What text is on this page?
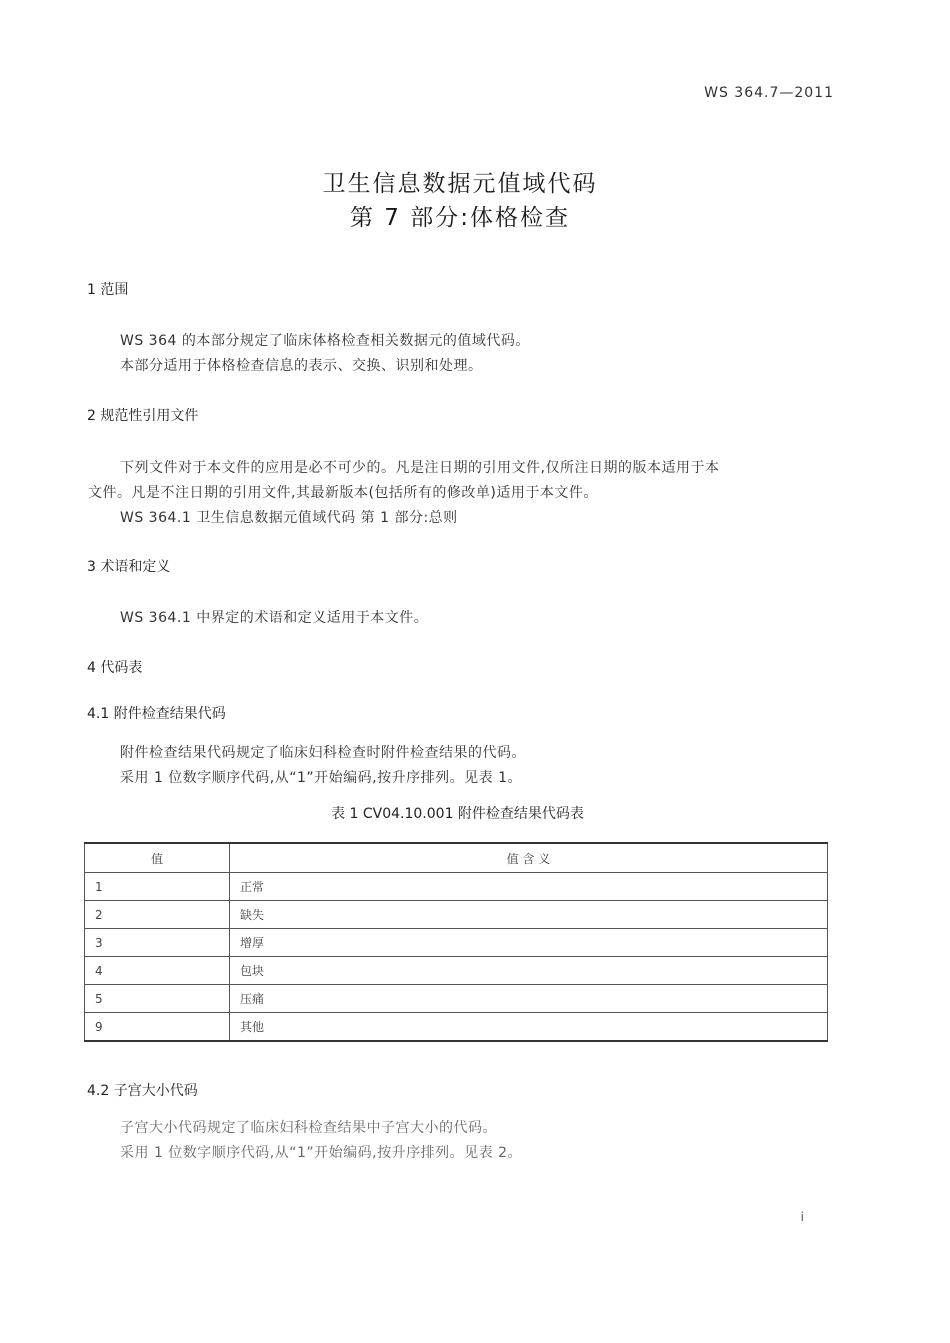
WS 364.7—2011
卫生信息数据元值域代码
第 7 部分:体格检查
1 范围
WS 364 的本部分规定了临床体格检查相关数据元的值域代码。
本部分适用于体格检查信息的表示、交换、识别和处理。
2 规范性引用文件
下列文件对于本文件的应用是必不可少的。凡是注日期的引用文件,仅所注日期的版本适用于本
文件。凡是不注日期的引用文件,其最新版本(包括所有的修改单)适用于本文件。
WS 364.1 卫生信息数据元值域代码 第 1 部分:总则
3 术语和定义
WS 364.1 中界定的术语和定义适用于本文件。
4 代码表
4.1 附件检查结果代码
附件检查结果代码规定了临床妇科检查时附件检查结果的代码。
采用 1 位数字顺序代码,从“1”开始编码,按升序排列。见表 1。
表 1 CV04.10.001 附件检查结果代码表
值	值 含 义
1	正常
2	缺失
3	增厚
4	包块
5	压痛
9	其他
4.2 子宫大小代码
子宫大小代码规定了临床妇科检查结果中子宫大小的代码。
采用 1 位数字顺序代码,从“1”开始编码,按升序排列。见表 2。
i
